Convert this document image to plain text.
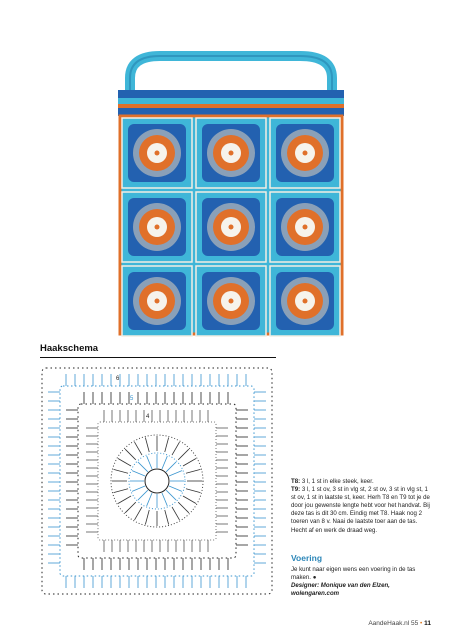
Haakschema
6
5
4

T8: 3 l, 1 st in elke steek, keer.

T9: 3 l, 1 st ov, 3 st in vlg st, 2 st ov, 3 st in vlg st, 1 st ov, 1 st in laatste st, keer. Herh T8 en T9 tot je de door jou gewenste lengte hebt voor het handvat. Bij deze tas is dit 30 cm. Eindig met T8. Haak nog 2 toeren van 8 v. Naai de laatste toer aan de tas. Hecht af en werk de draad weg.

Voering
Je kunt naar eigen wens een voering in de tas maken. ●
Designer: Monique van den Elzen,
wolengaren.com
AandeHaak.nl 55 • 11
